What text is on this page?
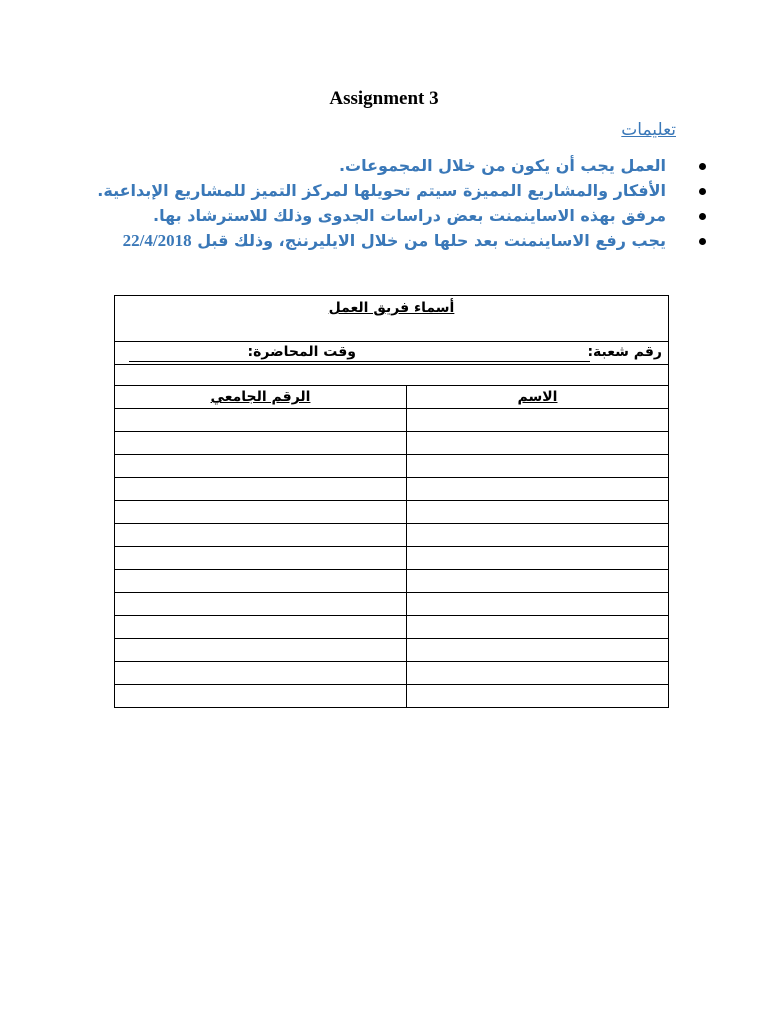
Assignment 3
تعليمات
العمل يجب أن يكون من خلال المجموعات.
الأفكار والمشاريع المميزة سيتم تحويلها لمركز التميز للمشاريع الإبداعية.
مرفق بهذه الاساينمنت بعض دراسات الجدوى وذلك للاسترشاد بها.
يجب رفع الاساينمنت بعد حلها من خلال الايليرننج، وذلك قبل 22/4/2018
أسماء فريق العمل	

رقم شعبة:
وقت المحاضرة:	

الاسم	الرقم الجامعي
